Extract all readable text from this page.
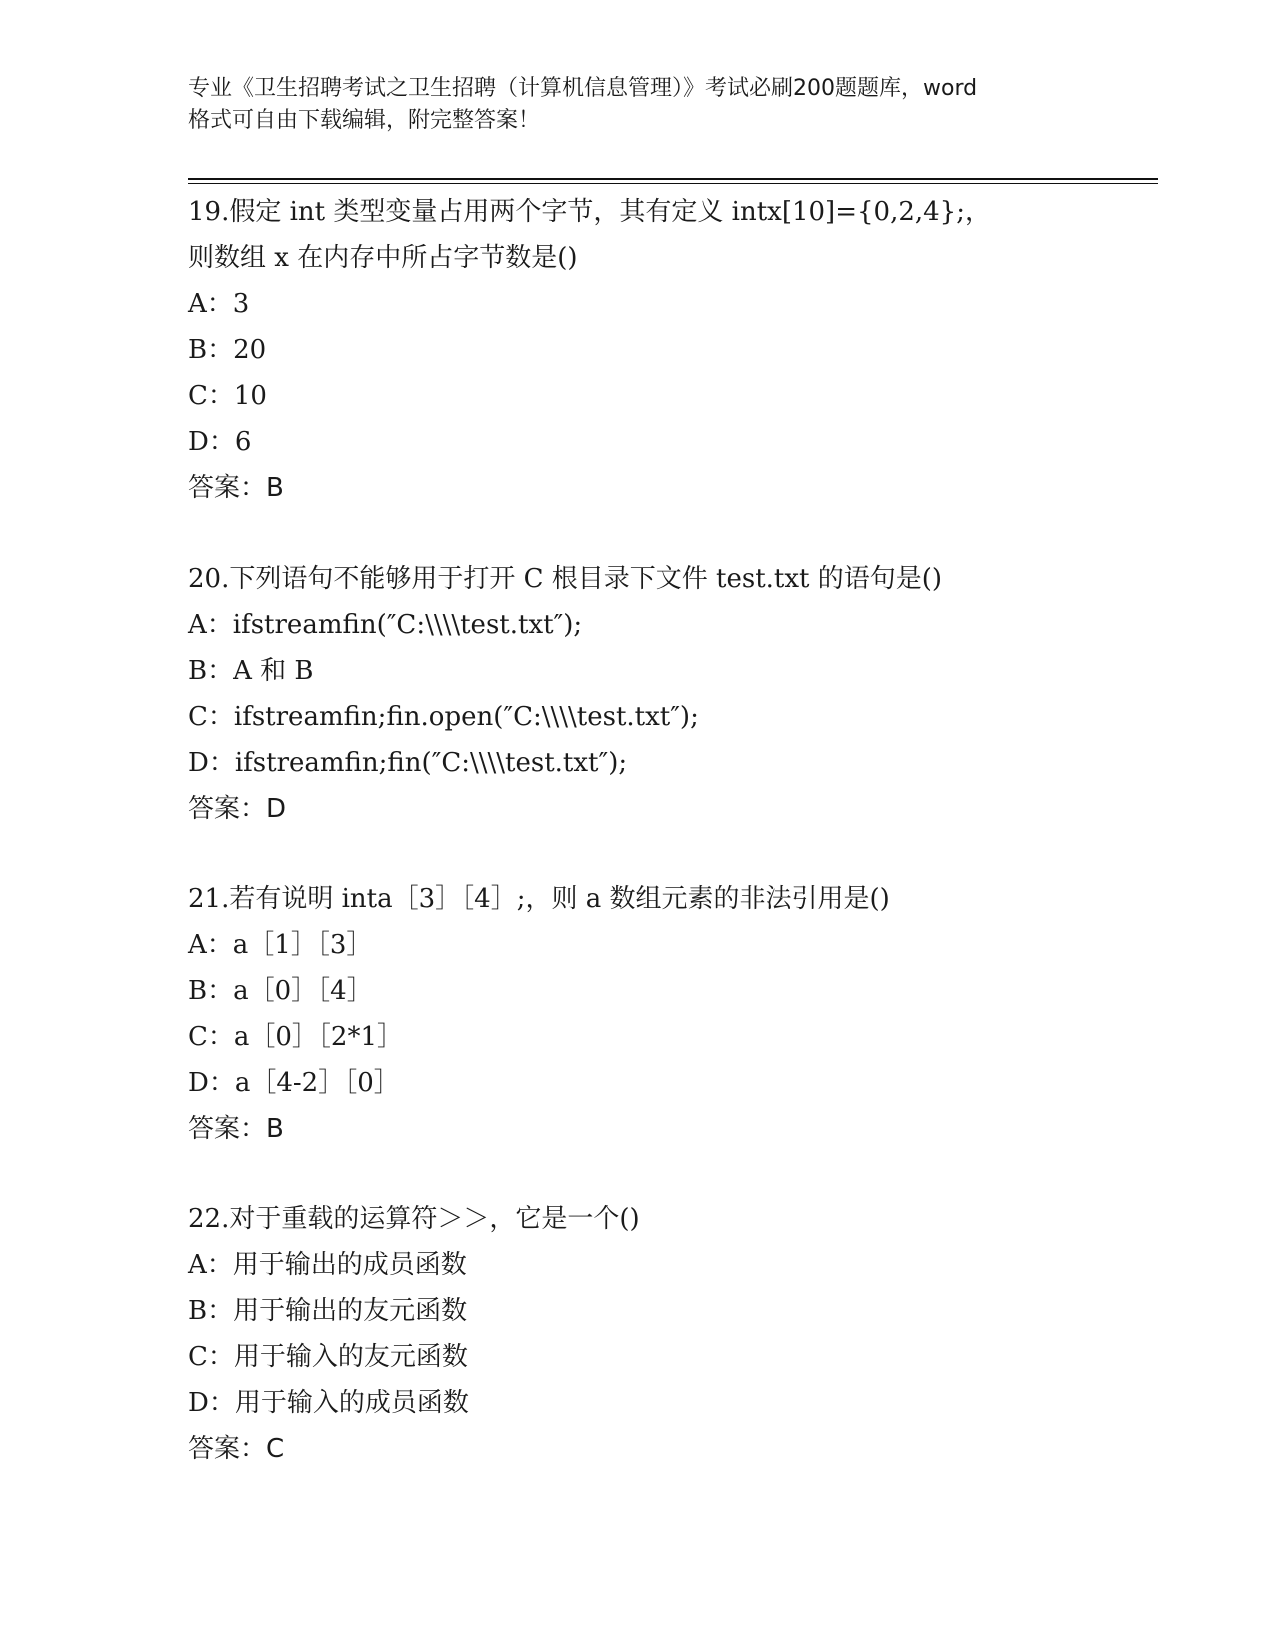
专业《卫生招聘考试之卫生招聘（计算机信息管理）》考试必刷200题题库，word
格式可自由下载编辑，附完整答案！
19.假定 int 类型变量占用两个字节，其有定义 intx[10]={0,2,4};，
则数组 x 在内存中所占字节数是()
A：3
B：20
C：10
D：6
答案：B
20.下列语句不能够用于打开 C 根目录下文件 test.txt 的语句是()
A：ifstreamfin(″C:\\\\test.txt″);
B：A 和 B
C：ifstreamfin;fin.open(″C:\\\\test.txt″);
D：ifstreamfin;fin(″C:\\\\test.txt″);
答案：D
21.若有说明 inta［3］［4］;，则 a 数组元素的非法引用是()
A：a［1］［3］
B：a［0］［4］
C：a［0］［2*1］
D：a［4-2］［0］
答案：B
22.对于重载的运算符＞＞，它是一个()
A：用于输出的成员函数
B：用于输出的友元函数
C：用于输入的友元函数
D：用于输入的成员函数
答案：C
